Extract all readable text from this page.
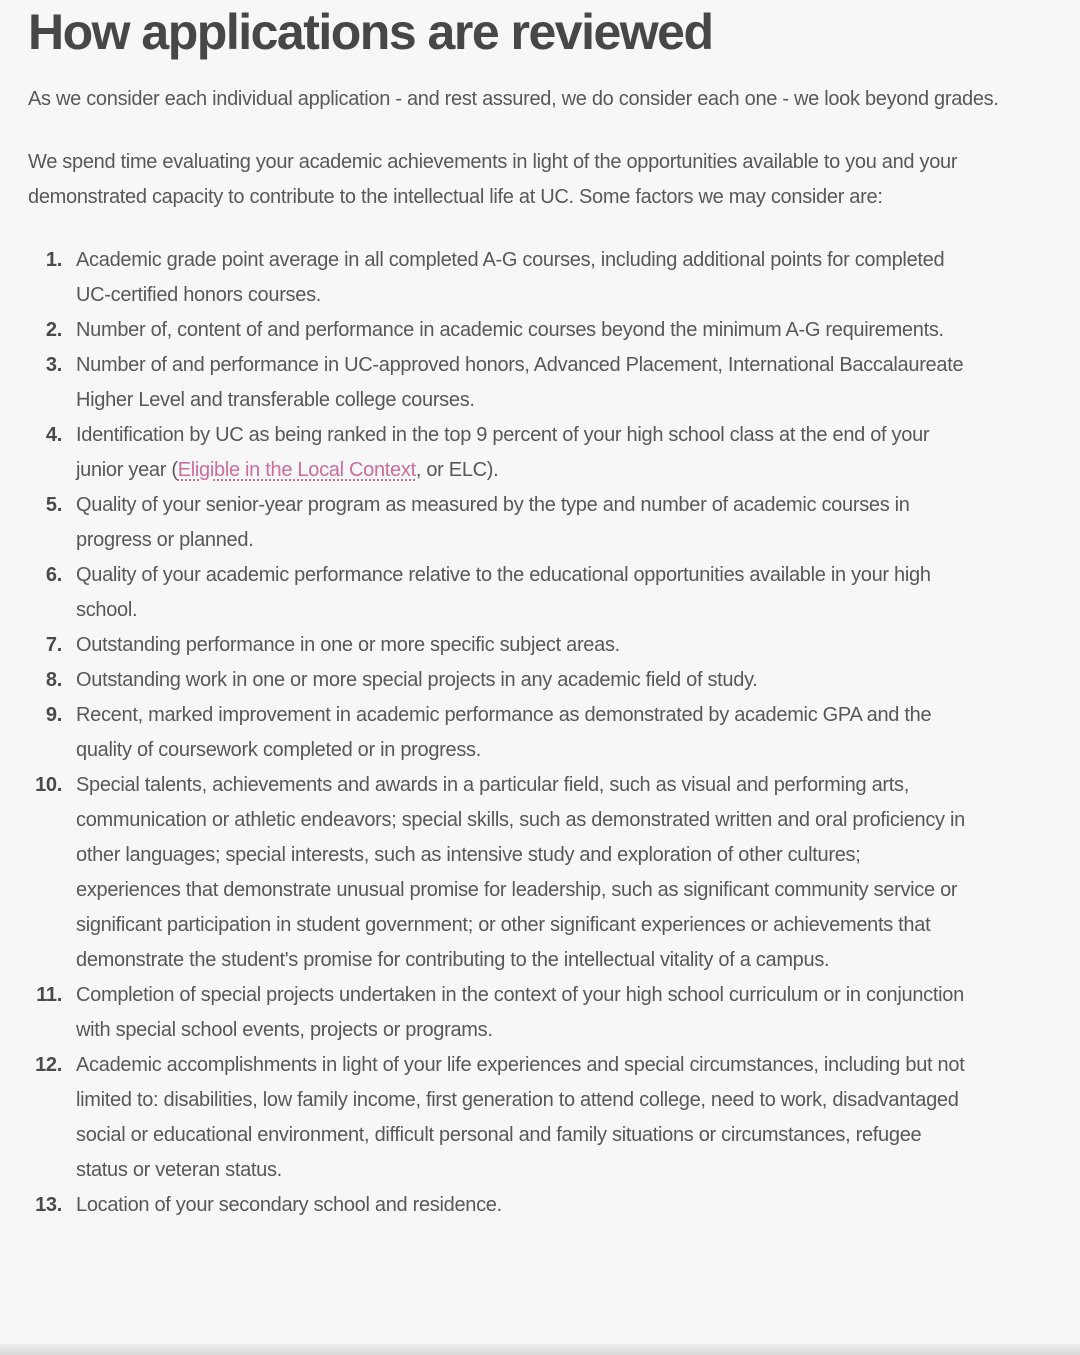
How applications are reviewed

As we consider each individual application - and rest assured, we do consider each one - we look beyond grades.

We spend time evaluating your academic achievements in light of the opportunities available to you and your demonstrated capacity to contribute to the intellectual life at UC. Some factors we may consider are:

1. Academic grade point average in all completed A-G courses, including additional points for completed UC-certified honors courses.
2. Number of, content of and performance in academic courses beyond the minimum A-G requirements.
3. Number of and performance in UC-approved honors, Advanced Placement, International Baccalaureate Higher Level and transferable college courses.
4. Identification by UC as being ranked in the top 9 percent of your high school class at the end of your junior year (Eligible in the Local Context, or ELC).
5. Quality of your senior-year program as measured by the type and number of academic courses in progress or planned.
6. Quality of your academic performance relative to the educational opportunities available in your high school.
7. Outstanding performance in one or more specific subject areas.
8. Outstanding work in one or more special projects in any academic field of study.
9. Recent, marked improvement in academic performance as demonstrated by academic GPA and the quality of coursework completed or in progress.
10. Special talents, achievements and awards in a particular field, such as visual and performing arts, communication or athletic endeavors; special skills, such as demonstrated written and oral proficiency in other languages; special interests, such as intensive study and exploration of other cultures; experiences that demonstrate unusual promise for leadership, such as significant community service or significant participation in student government; or other significant experiences or achievements that demonstrate the student's promise for contributing to the intellectual vitality of a campus.
11. Completion of special projects undertaken in the context of your high school curriculum or in conjunction with special school events, projects or programs.
12. Academic accomplishments in light of your life experiences and special circumstances, including but not limited to: disabilities, low family income, first generation to attend college, need to work, disadvantaged social or educational environment, difficult personal and family situations or circumstances, refugee status or veteran status.
13. Location of your secondary school and residence.
